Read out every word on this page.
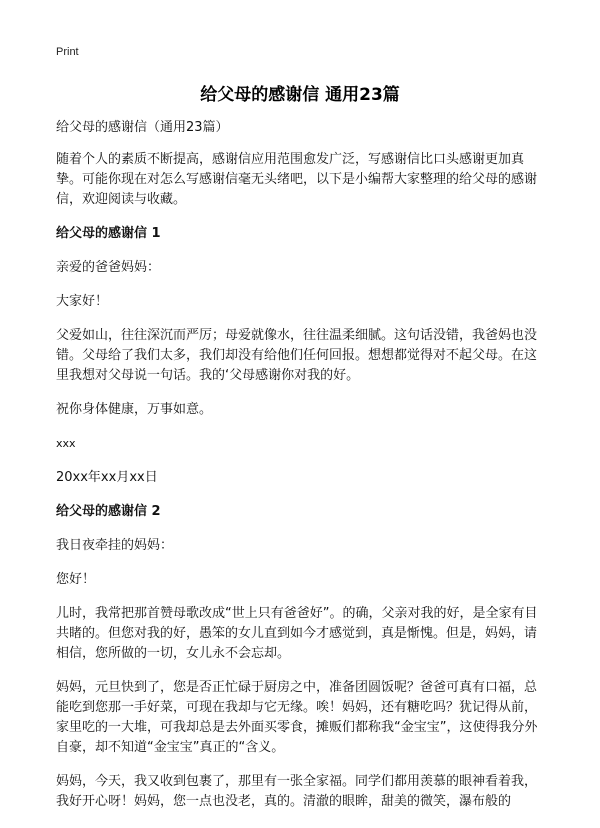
Print
给父母的感谢信 通用23篇

给父母的感谢信（通用23篇）

随着个人的素质不断提高，感谢信应用范围愈发广泛，写感谢信比口头感谢更加真挚。可能你现在对怎么写感谢信毫无头绪吧，以下是小编帮大家整理的给父母的感谢信，欢迎阅读与收藏。

给父母的感谢信 1

亲爱的爸爸妈妈：

大家好！

父爱如山，往往深沉而严厉；母爱就像水，往往温柔细腻。这句话没错，我爸妈也没错。父母给了我们太多，我们却没有给他们任何回报。想想都觉得对不起父母。在这里我想对父母说一句话。我的‘父母感谢你对我的好。

祝你身体健康，万事如意。

xxx

20xx年xx月xx日

给父母的感谢信 2

我日夜牵挂的妈妈：

您好！

儿时，我常把那首赞母歌改成“世上只有爸爸好”。的确，父亲对我的好，是全家有目共睹的。但您对我的好，愚笨的女儿直到如今才感觉到，真是惭愧。但是，妈妈，请相信，您所做的一切，女儿永不会忘却。

妈妈，元旦快到了，您是否正忙碌于厨房之中，准备团圆饭呢？爸爸可真有口福，总能吃到您那一手好菜，可现在我却与它无缘。唉！妈妈，还有糖吃吗？犹记得从前，家里吃的一大堆，可我却总是去外面买零食，摊贩们都称我“金宝宝”，这使得我分外自豪，却不知道“金宝宝”真正的“含义。

妈妈，今天，我又收到包裹了，那里有一张全家福。同学们都用羡慕的眼神看着我，我好开心呀！妈妈，您一点也没老，真的。清澈的眼眸，甜美的微笑，瀑布般的
